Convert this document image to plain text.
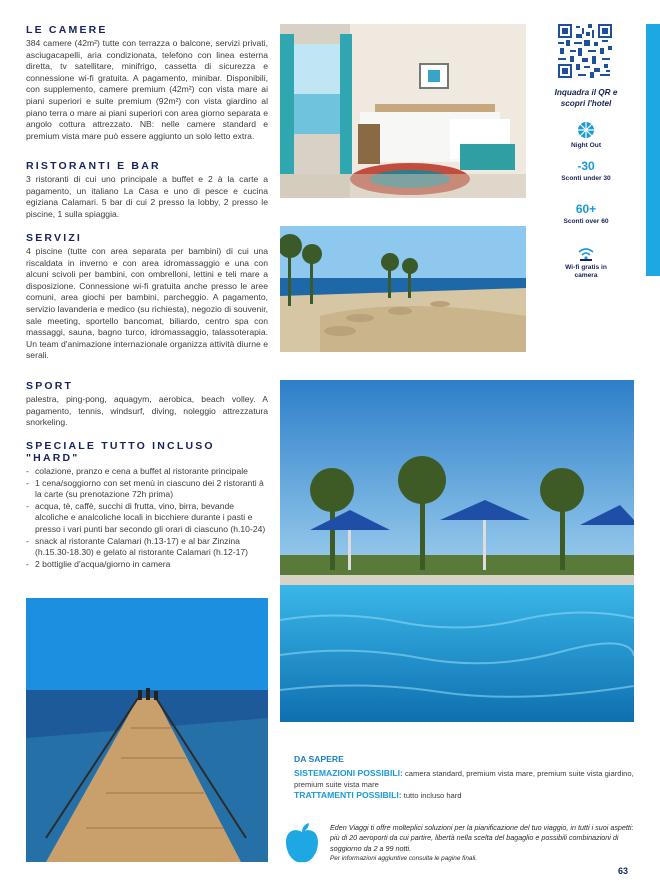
LE CAMERE

384 camere (42m²) tutte con terrazza o balcone, servizi privati, asciugacapelli, aria condizionata, telefono con linea esterna diretta, tv satellitare, minifrigo, cassetta di sicurezza e connessione wi-fi gratuita. A pagamento, minibar. Disponibili, con supplemento, camere premium (42m²) con vista mare ai piani superiori e suite premium (92m²) con vista giardino al piano terra o mare ai piani superiori con area giorno separata e angolo cottura attrezzato. NB: nelle camere standard e premium vista mare può essere aggiunto un solo letto extra.

RISTORANTI E BAR

3 ristoranti di cui uno principale a buffet e 2 à la carte a pagamento, un italiano La Casa e uno di pesce e cucina egiziana Calamari. 5 bar di cui 2 presso la lobby, 2 presso le piscine, 1 sulla spiaggia.

SERVIZI

4 piscine (tutte con area separata per bambini) di cui una riscaldata in inverno e con area idromassaggio e una con alcuni scivoli per bambini, con ombrelloni, lettini e teli mare a disposizione. Connessione wi-fi gratuita anche presso le aree comuni, area giochi per bambini, parcheggio. A pagamento, servizio lavanderia e medico (su richiesta), negozio di souvenir, sale meeting, sportello bancomat, biliardo, centro spa con massaggi, sauna, bagno turco, idromassaggio, talassoterapia. Un team d'animazione internazionale organizza attività diurne e serali.

SPORT

palestra, ping-pong, aquagym, aerobica, beach volley. A pagamento, tennis, windsurf, diving, noleggio attrezzatura snorkeling.

SPECIALE TUTTO INCLUSO "HARD"
- colazione, pranzo e cena a buffet al ristorante principale
- 1 cena/soggiorno con set menù in ciascuno dei 2 ristoranti à la carte (su prenotazione 72h prima)
- acqua, tè, caffè, succhi di frutta, vino, birra, bevande alcoliche e analcoliche locali in bicchiere durante i pasti e presso i vari punti bar secondo gli orari di ciascuno (h.10-24)
- snack al ristorante Calamari (h.13-17) e al bar Zinzina (h.15.30-18.30) e gelato al ristorante Calamari (h.12-17)
- 2 bottiglie d'acqua/giorno in camera
Inquadra il QR e scopri l'hotel
Night Out
-30
Sconti under 30
60+
Sconti over 60
Wi-fi gratis in camera
DA SAPERE
SISTEMAZIONI POSSIBILI: camera standard, premium vista mare, premium suite vista giardino, premium suite vista mare
TRATTAMENTI POSSIBILI: tutto incluso hard
Eden Viaggi ti offre molteplici soluzioni per la pianificazione del tuo viaggio, in tutti i suoi aspetti: più di 20 aeroporti da cui partire, libertà nella scelta del bagaglio e possibili combinazioni di soggiorno da 2 a 99 notti.
Per informazioni aggiuntive consulta le pagine finali.
63
